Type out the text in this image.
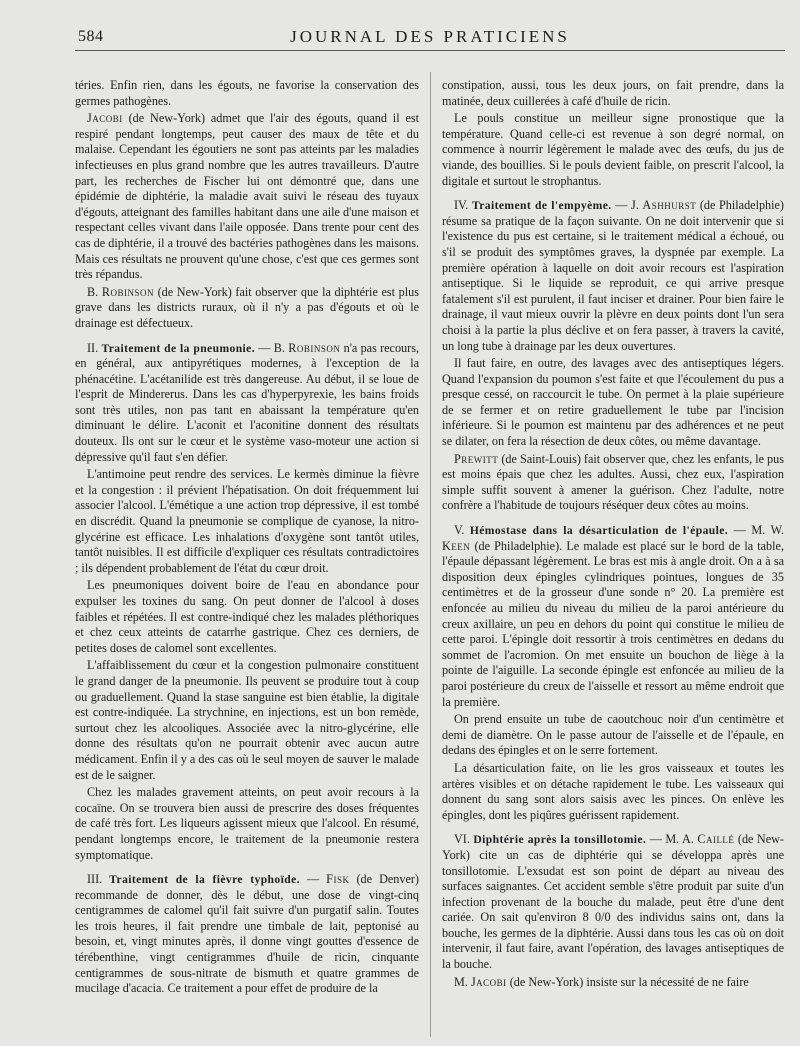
584	JOURNAL DES PRATICIENS

téries. Enfin rien, dans les égouts, ne favorise la conservation des germes pathogènes.

Jacobi (de New-York) admet que l'air des égouts, quand il est respiré pendant longtemps, peut causer des maux de tête et du malaise. Cependant les égoutiers ne sont pas atteints par les maladies infectieuses en plus grand nombre que les autres travailleurs. D'autre part, les recherches de Fischer lui ont démontré que, dans une épidémie de diphtérie, la maladie avait suivi le réseau des tuyaux d'égouts, atteignant des familles habitant dans une aile d'une maison et respectant celles vivant dans l'aile opposée. Dans trente pour cent des cas de diphtérie, il a trouvé des bactéries pathogènes dans les maisons. Mais ces résultats ne prouvent qu'une chose, c'est que ces germes sont très répandus.

B. Robinson (de New-York) fait observer que la diphtérie est plus grave dans les districts ruraux, où il n'y a pas d'égouts et où le drainage est défectueux.

II. Traitement de la pneumonie. — B. Robinson n'a pas recours, en général, aux antipyrétiques modernes, à l'exception de la phénacétine. L'acétanilide est très dangereuse. Au début, il se loue de l'esprit de Mindererus. Dans les cas d'hyperpyrexie, les bains froids sont très utiles, non pas tant en abaissant la température qu'en diminuant le délire. L'aconit et l'aconitine donnent des résultats douteux. Ils ont sur le cœur et le système vaso-moteur une action si dépressive qu'il faut s'en défier.

L'antimoine peut rendre des services. Le kermès diminue la fièvre et la congestion : il prévient l'hépatisation. On doit fréquemment lui associer l'alcool. L'émétique a une action trop dépressive, il est tombé en discrédit. Quand la pneumonie se complique de cyanose, la nitro-glycérine est efficace. Les inhalations d'oxygène sont tantôt utiles, tantôt nuisibles. Il est difficile d'expliquer ces résultats contradictoires ; ils dépendent probablement de l'état du cœur droit.

Les pneumoniques doivent boire de l'eau en abondance pour expulser les toxines du sang. On peut donner de l'alcool à doses faibles et répétées. Il est contre-indiqué chez les malades pléthoriques et chez ceux atteints de catarrhe gastrique. Chez ces derniers, de petites doses de calomel sont excellentes.

L'affaiblissement du cœur et la congestion pulmonaire constituent le grand danger de la pneumonie. Ils peuvent se produire tout à coup ou graduellement. Quand la stase sanguine est bien établie, la digitale est contre-indiquée. La strychnine, en injections, est un bon remède, surtout chez les alcooliques. Associée avec la nitro-glycérine, elle donne des résultats qu'on ne pourrait obtenir avec aucun autre médicament. Enfin il y a des cas où le seul moyen de sauver le malade est de le saigner.

Chez les malades gravement atteints, on peut avoir recours à la cocaïne. On se trouvera bien aussi de prescrire des doses fréquentes de café très fort. Les liqueurs agissent mieux que l'alcool. En résumé, pendant longtemps encore, le traitement de la pneumonie restera symptomatique.

III. Traitement de la fièvre typhoïde. — Fisk (de Denver) recommande de donner, dès le début, une dose de vingt-cinq centigrammes de calomel qu'il fait suivre d'un purgatif salin. Toutes les trois heures, il fait prendre une timbale de lait, peptonisé au besoin, et, vingt minutes après, il donne vingt gouttes d'essence de térébenthine, vingt centigrammes d'huile de ricin, cinquante centigrammes de sous-nitrate de bismuth et quatre grammes de mucilage d'acacia. Ce traitement a pour effet de produire de la

constipation, aussi, tous les deux jours, on fait prendre, dans la matinée, deux cuillerées à café d'huile de ricin.

Le pouls constitue un meilleur signe pronostique que la température. Quand celle-ci est revenue à son degré normal, on commence à nourrir légèrement le malade avec des œufs, du jus de viande, des bouillies. Si le pouls devient faible, on prescrit l'alcool, la digitale et surtout le strophantus.

IV. Traitement de l'empyème. — J. Ashhurst (de Philadelphie) résume sa pratique de la façon suivante. On ne doit intervenir que si l'existence du pus est certaine, si le traitement médical a échoué, ou s'il se produit des symptômes graves, la dyspnée par exemple. La première opération à laquelle on doit avoir recours est l'aspiration antiseptique. Si le liquide se reproduit, ce qui arrive presque fatalement s'il est purulent, il faut inciser et drainer. Pour bien faire le drainage, il vaut mieux ouvrir la plèvre en deux points dont l'un sera choisi à la partie la plus déclive et on fera passer, à travers la cavité, un long tube à drainage par les deux ouvertures.

Il faut faire, en outre, des lavages avec des antiseptiques légers. Quand l'expansion du poumon s'est faite et que l'écoulement du pus a presque cessé, on raccourcit le tube. On permet à la plaie supérieure de se fermer et on retire graduellement le tube par l'incision inférieure. Si le poumon est maintenu par des adhérences et ne peut se dilater, on fera la résection de deux côtes, ou même davantage.

Prewitt (de Saint-Louis) fait observer que, chez les enfants, le pus est moins épais que chez les adultes. Aussi, chez eux, l'aspiration simple suffit souvent à amener la guérison. Chez l'adulte, notre confrère a l'habitude de toujours réséquer deux côtes au moins.

V. Hémostase dans la désarticulation de l'épaule. — M. W. Keen (de Philadelphie). Le malade est placé sur le bord de la table, l'épaule dépassant légèrement. Le bras est mis à angle droit. On a à sa disposition deux épingles cylindriques pointues, longues de 35 centimètres et de la grosseur d'une sonde n° 20. La première est enfoncée au milieu du niveau du milieu de la paroi antérieure du creux axillaire, un peu en dehors du point qui constitue le milieu de cette paroi. L'épingle doit ressortir à trois centimètres en dedans du sommet de l'acromion. On met ensuite un bouchon de liège à la pointe de l'aiguille. La seconde épingle est enfoncée au milieu de la paroi postérieure du creux de l'aisselle et ressort au même endroit que la première.

On prend ensuite un tube de caoutchouc noir d'un centimètre et demi de diamètre. On le passe autour de l'aisselle et de l'épaule, en dedans des épingles et on le serre fortement.

La désarticulation faite, on lie les gros vaisseaux et toutes les artères visibles et on détache rapidement le tube. Les vaisseaux qui donnent du sang sont alors saisis avec les pinces. On enlève les épingles, dont les piqûres guérissent rapidement.

VI. Diphtérie après la tonsillotomie. — M. A. Caillé (de New-York) cite un cas de diphtérie qui se développa après une tonsillotomie. L'exsudat est son point de départ au niveau des surfaces saignantes. Cet accident semble s'être produit par suite d'un infection provenant de la bouche du malade, peut être d'une dent cariée. On sait qu'environ 8 0/0 des individus sains ont, dans la bouche, les germes de la diphtérie. Aussi dans tous les cas où on doit intervenir, il faut faire, avant l'opération, des lavages antiseptiques de la bouche.

M. Jacobi (de New-York) insiste sur la nécessité de ne faire
